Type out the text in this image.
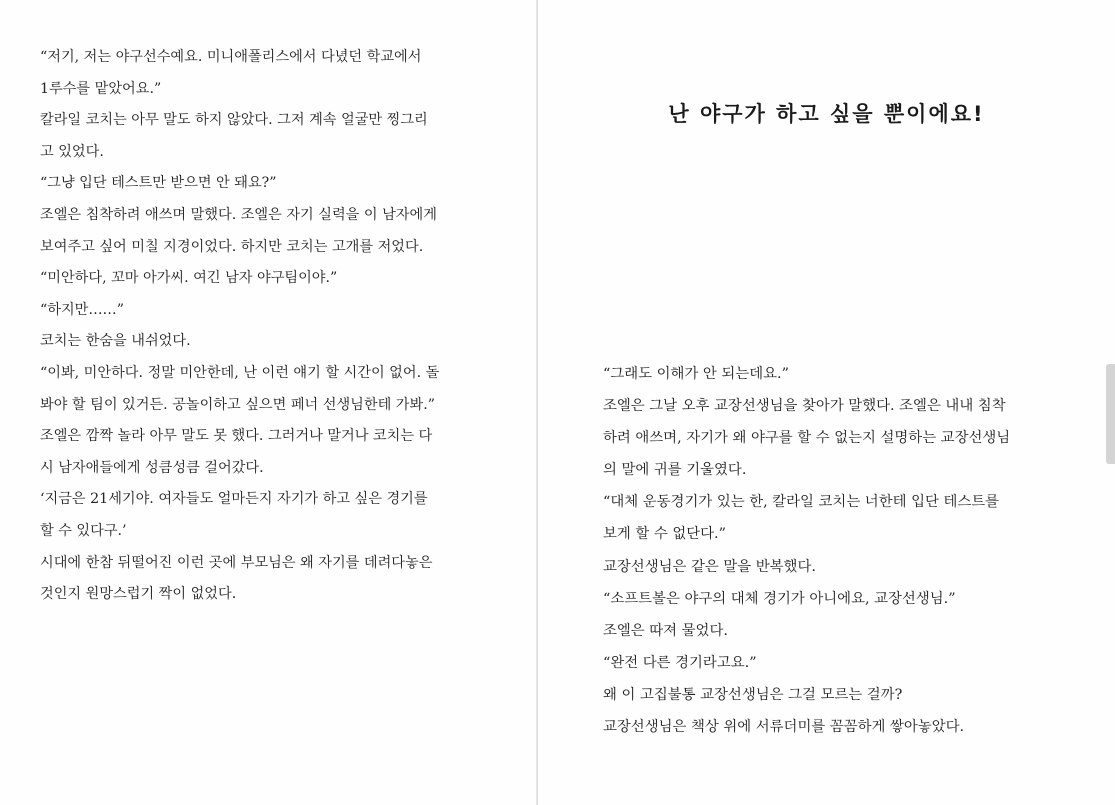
“저기, 저는 야구선수예요. 미니애폴리스에서 다녔던 학교에서
1루수를 맡았어요.”
칼라일 코치는 아무 말도 하지 않았다. 그저 계속 얼굴만 찡그리
고 있었다.
“그냥 입단 테스트만 받으면 안 돼요?”
조엘은 침착하려 애쓰며 말했다. 조엘은 자기 실력을 이 남자에게
보여주고 싶어 미칠 지경이었다. 하지만 코치는 고개를 저었다.
“미안하다, 꼬마 아가씨. 여긴 남자 야구팀이야.”
“하지만……”
코치는 한숨을 내쉬었다.
“이봐, 미안하다. 정말 미안한데, 난 이런 얘기 할 시간이 없어. 돌
봐야 할 팀이 있거든. 공놀이하고 싶으면 페너 선생님한테 가봐.”
조엘은 깜짝 놀라 아무 말도 못 했다. 그러거나 말거나 코치는 다
시 남자애들에게 성큼성큼 걸어갔다.
‘지금은 21세기야. 여자들도 얼마든지 자기가 하고 싶은 경기를
할 수 있다구.’
시대에 한참 뒤떨어진 이런 곳에 부모님은 왜 자기를 데려다놓은
것인지 원망스럽기 짝이 없었다.
난 야구가 하고 싶을 뿐이에요!
“그래도 이해가 안 되는데요.”
조엘은 그날 오후 교장선생님을 찾아가 말했다. 조엘은 내내 침착
하려 애쓰며, 자기가 왜 야구를 할 수 없는지 설명하는 교장선생님
의 말에 귀를 기울였다.
“대체 운동경기가 있는 한, 칼라일 코치는 너한테 입단 테스트를
보게 할 수 없단다.”
교장선생님은 같은 말을 반복했다.
“소프트볼은 야구의 대체 경기가 아니에요, 교장선생님.”
조엘은 따져 물었다.
“완전 다른 경기라고요.”
왜 이 고집불통 교장선생님은 그걸 모르는 걸까?
교장선생님은 책상 위에 서류더미를 꼼꼼하게 쌓아놓았다.
